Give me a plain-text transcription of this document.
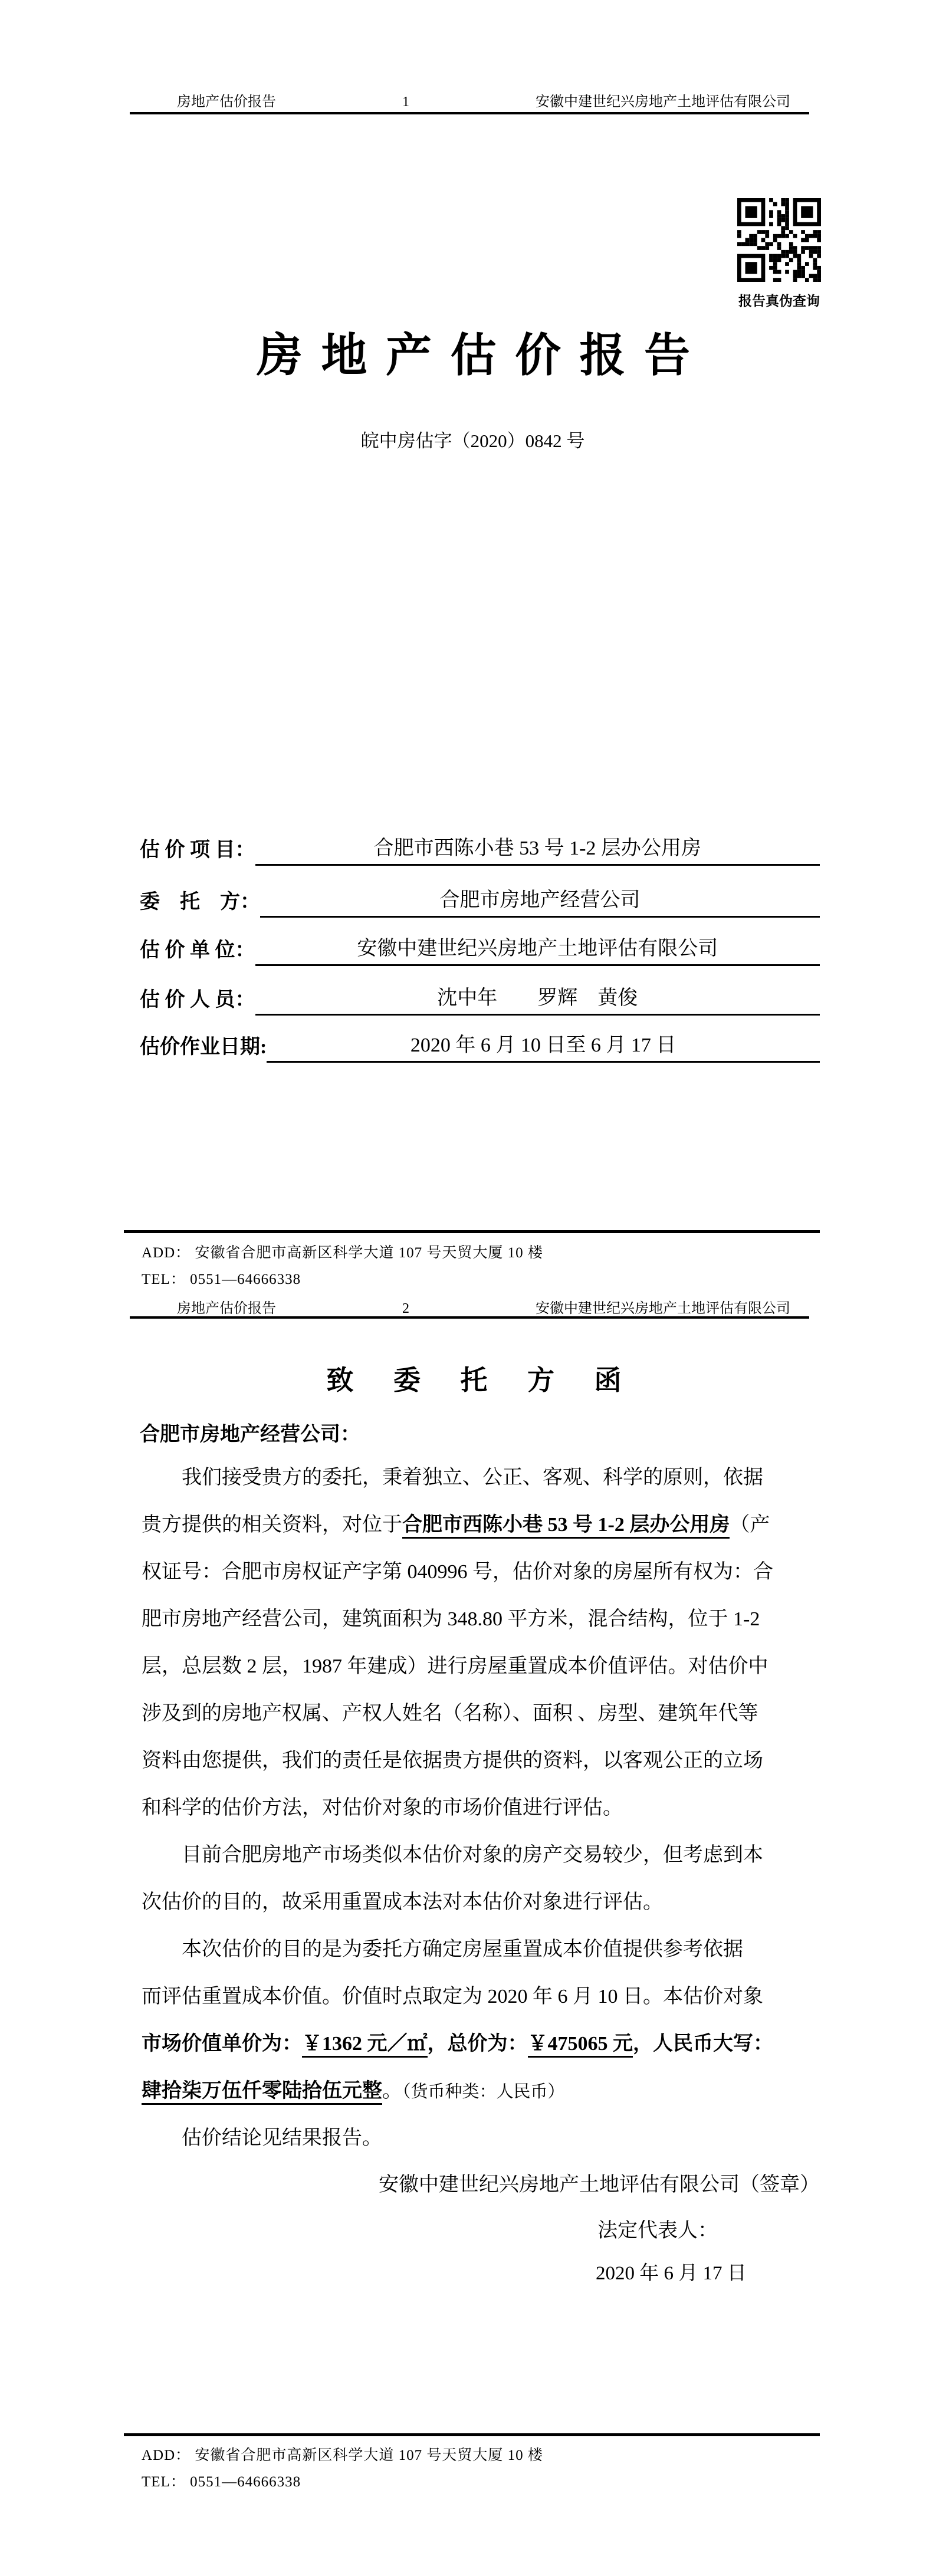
房地产估价报告	1	安徽中建世纪兴房地产土地评估有限公司
报告真伪查询
房 地 产 估 价 报 告
皖中房估字（2020）0842 号
估 价 项 目：	合肥市西陈小巷 53 号 1-2 层办公用房
委　托　方：	合肥市房地产经营公司
估 价 单 位：	安徽中建世纪兴房地产土地评估有限公司
估 价 人 员：	沈中年　　罗辉　黄俊
估价作业日期:	2020 年 6 月 10 日至 6 月 17 日
ADD： 安徽省合肥市高新区科学大道 107 号天贸大厦 10 楼
TEL： 0551—64666338
房地产估价报告	2	安徽中建世纪兴房地产土地评估有限公司
致 委 托 方 函
合肥市房地产经营公司：
　　我们接受贵方的委托，秉着独立、公正、客观、科学的原则，依据
贵方提供的相关资料，对位于合肥市西陈小巷 53 号 1-2 层办公用房（产
权证号：合肥市房权证产字第 040996 号，估价对象的房屋所有权为：合
肥市房地产经营公司，建筑面积为 348.80 平方米，混合结构，位于 1-2
层，总层数 2 层，1987 年建成）进行房屋重置成本价值评估。对估价中
涉及到的房地产权属、产权人姓名（名称）、面积 、房型、建筑年代等
资料由您提供，我们的责任是依据贵方提供的资料，以客观公正的立场
和科学的估价方法，对估价对象的市场价值进行评估。
　　目前合肥房地产市场类似本估价对象的房产交易较少，但考虑到本
次估价的目的，故采用重置成本法对本估价对象进行评估。
　　本次估价的目的是为委托方确定房屋重置成本价值提供参考依据
而评估重置成本价值。价值时点取定为 2020 年 6 月 10 日。本估价对象
市场价值单价为：￥1362 元／㎡，总价为：￥475065 元，人民币大写：
肆拾柒万伍仟零陆拾伍元整。（货币种类：人民币）
　　估价结论见结果报告。
安徽中建世纪兴房地产土地评估有限公司（签章）
法定代表人：
2020 年 6 月 17 日
ADD： 安徽省合肥市高新区科学大道 107 号天贸大厦 10 楼
TEL： 0551—64666338
